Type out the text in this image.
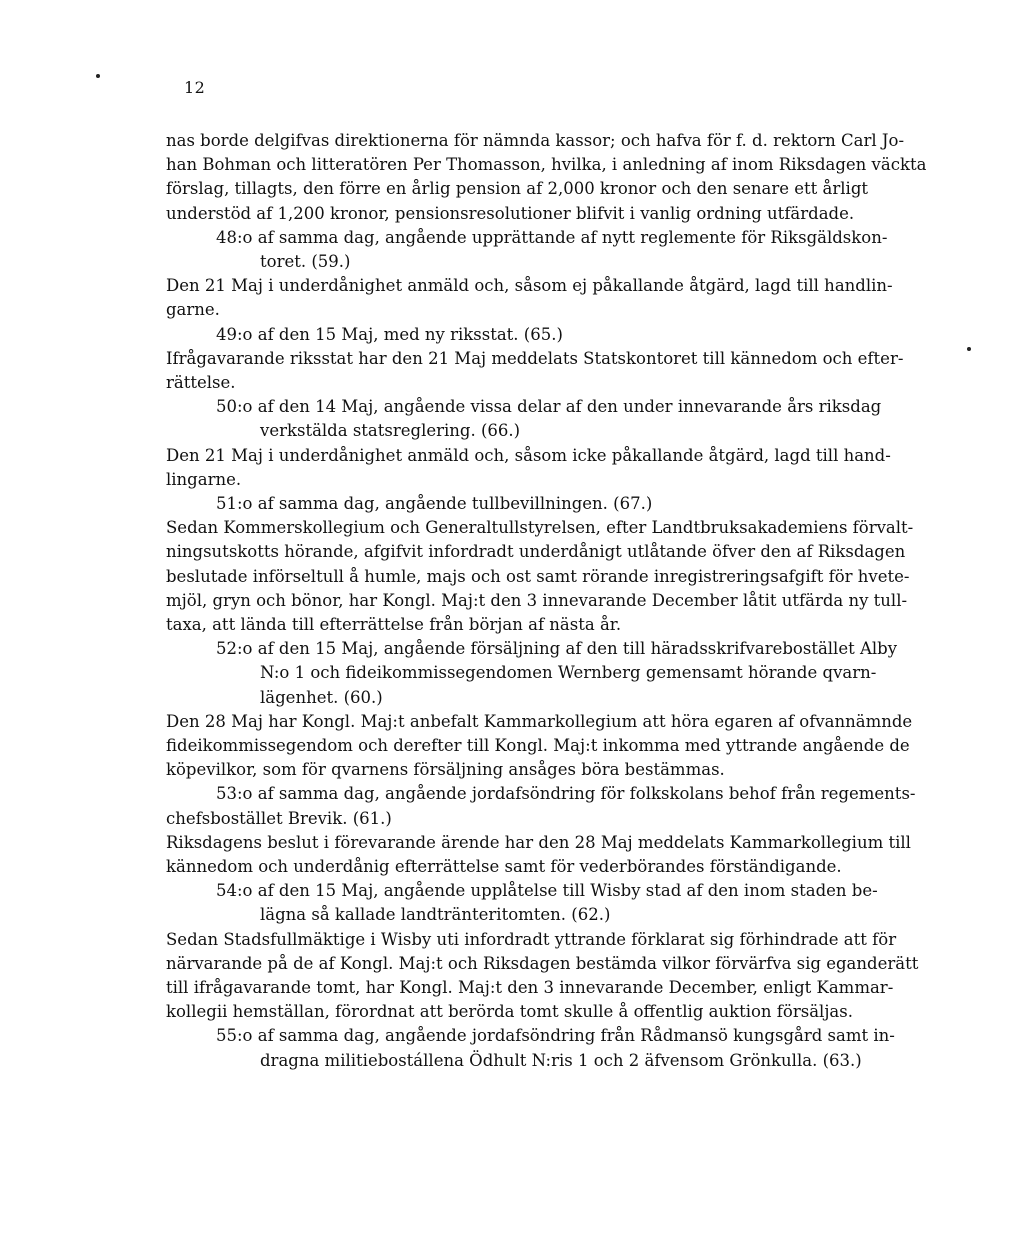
12
nas borde delgifvas direktionerna för nämnda kassor; och hafva för f. d. rektorn Carl Jo-
han Bohman och litteratören Per Thomasson, hvilka, i anledning af inom Riksdagen väckta
förslag, tillagts, den förre en årlig pension af 2,000 kronor och den senare ett årligt
understöd af 1,200 kronor, pensionsresolutioner blifvit i vanlig ordning utfärdade.
48:o af samma dag, angående upprättande af nytt reglemente för Riksgäldskon-
toret. (59.)
Den 21 Maj i underdånighet anmäld och, såsom ej påkallande åtgärd, lagd till handlin-
garne.
49:o af den 15 Maj, med ny riksstat. (65.)
Ifrågavarande riksstat har den 21 Maj meddelats Statskontoret till kännedom och efter-
rättelse.
50:o af den 14 Maj, angående vissa delar af den under innevarande års riksdag
verkstälda statsreglering. (66.)
Den 21 Maj i underdånighet anmäld och, såsom icke påkallande åtgärd, lagd till hand-
lingarne.
51:o af samma dag, angående tullbevillningen. (67.)
Sedan Kommerskollegium och Generaltullstyrelsen, efter Landtbruksakademiens förvalt-
ningsutskotts hörande, afgifvit infordradt underdånigt utlåtande öfver den af Riksdagen
beslutade införseltull å humle, majs och ost samt rörande inregistreringsafgift för hvete-
mjöl, gryn och bönor, har Kongl. Maj:t den 3 innevarande December låtit utfärda ny tull-
taxa, att lända till efterrättelse från början af nästa år.
52:o af den 15 Maj, angående försäljning af den till häradsskrifvarebostället Alby
N:o 1 och fideikommissegendomen Wernberg gemensamt hörande qvarn-
lägenhet. (60.)
Den 28 Maj har Kongl. Maj:t anbefalt Kammarkollegium att höra egaren af ofvannämnde
fideikommissegendom och derefter till Kongl. Maj:t inkomma med yttrande angående de
köpevilkor, som för qvarnens försäljning ansåges böra bestämmas.
53:o af samma dag, angående jordafsöndring för folkskolans behof från regements-
chefsbostället Brevik. (61.)
Riksdagens beslut i förevarande ärende har den 28 Maj meddelats Kammarkollegium till
kännedom och underdånig efterrättelse samt för vederbörandes förständigande.
54:o af den 15 Maj, angående upplåtelse till Wisby stad af den inom staden be-
lägna så kallade landtränteritomten. (62.)
Sedan Stadsfullmäktige i Wisby uti infordradt yttrande förklarat sig förhindrade att för
närvarande på de af Kongl. Maj:t och Riksdagen bestämda vilkor förvärfva sig eganderätt
till ifrågavarande tomt, har Kongl. Maj:t den 3 innevarande December, enligt Kammar-
kollegii hemställan, förordnat att berörda tomt skulle å offentlig auktion försäljas.
55:o af samma dag, angående jordafsöndring från Rådmansö kungsgård samt in-
dragna militiebostállena Ödhult N:ris 1 och 2 äfvensom Grönkulla. (63.)
